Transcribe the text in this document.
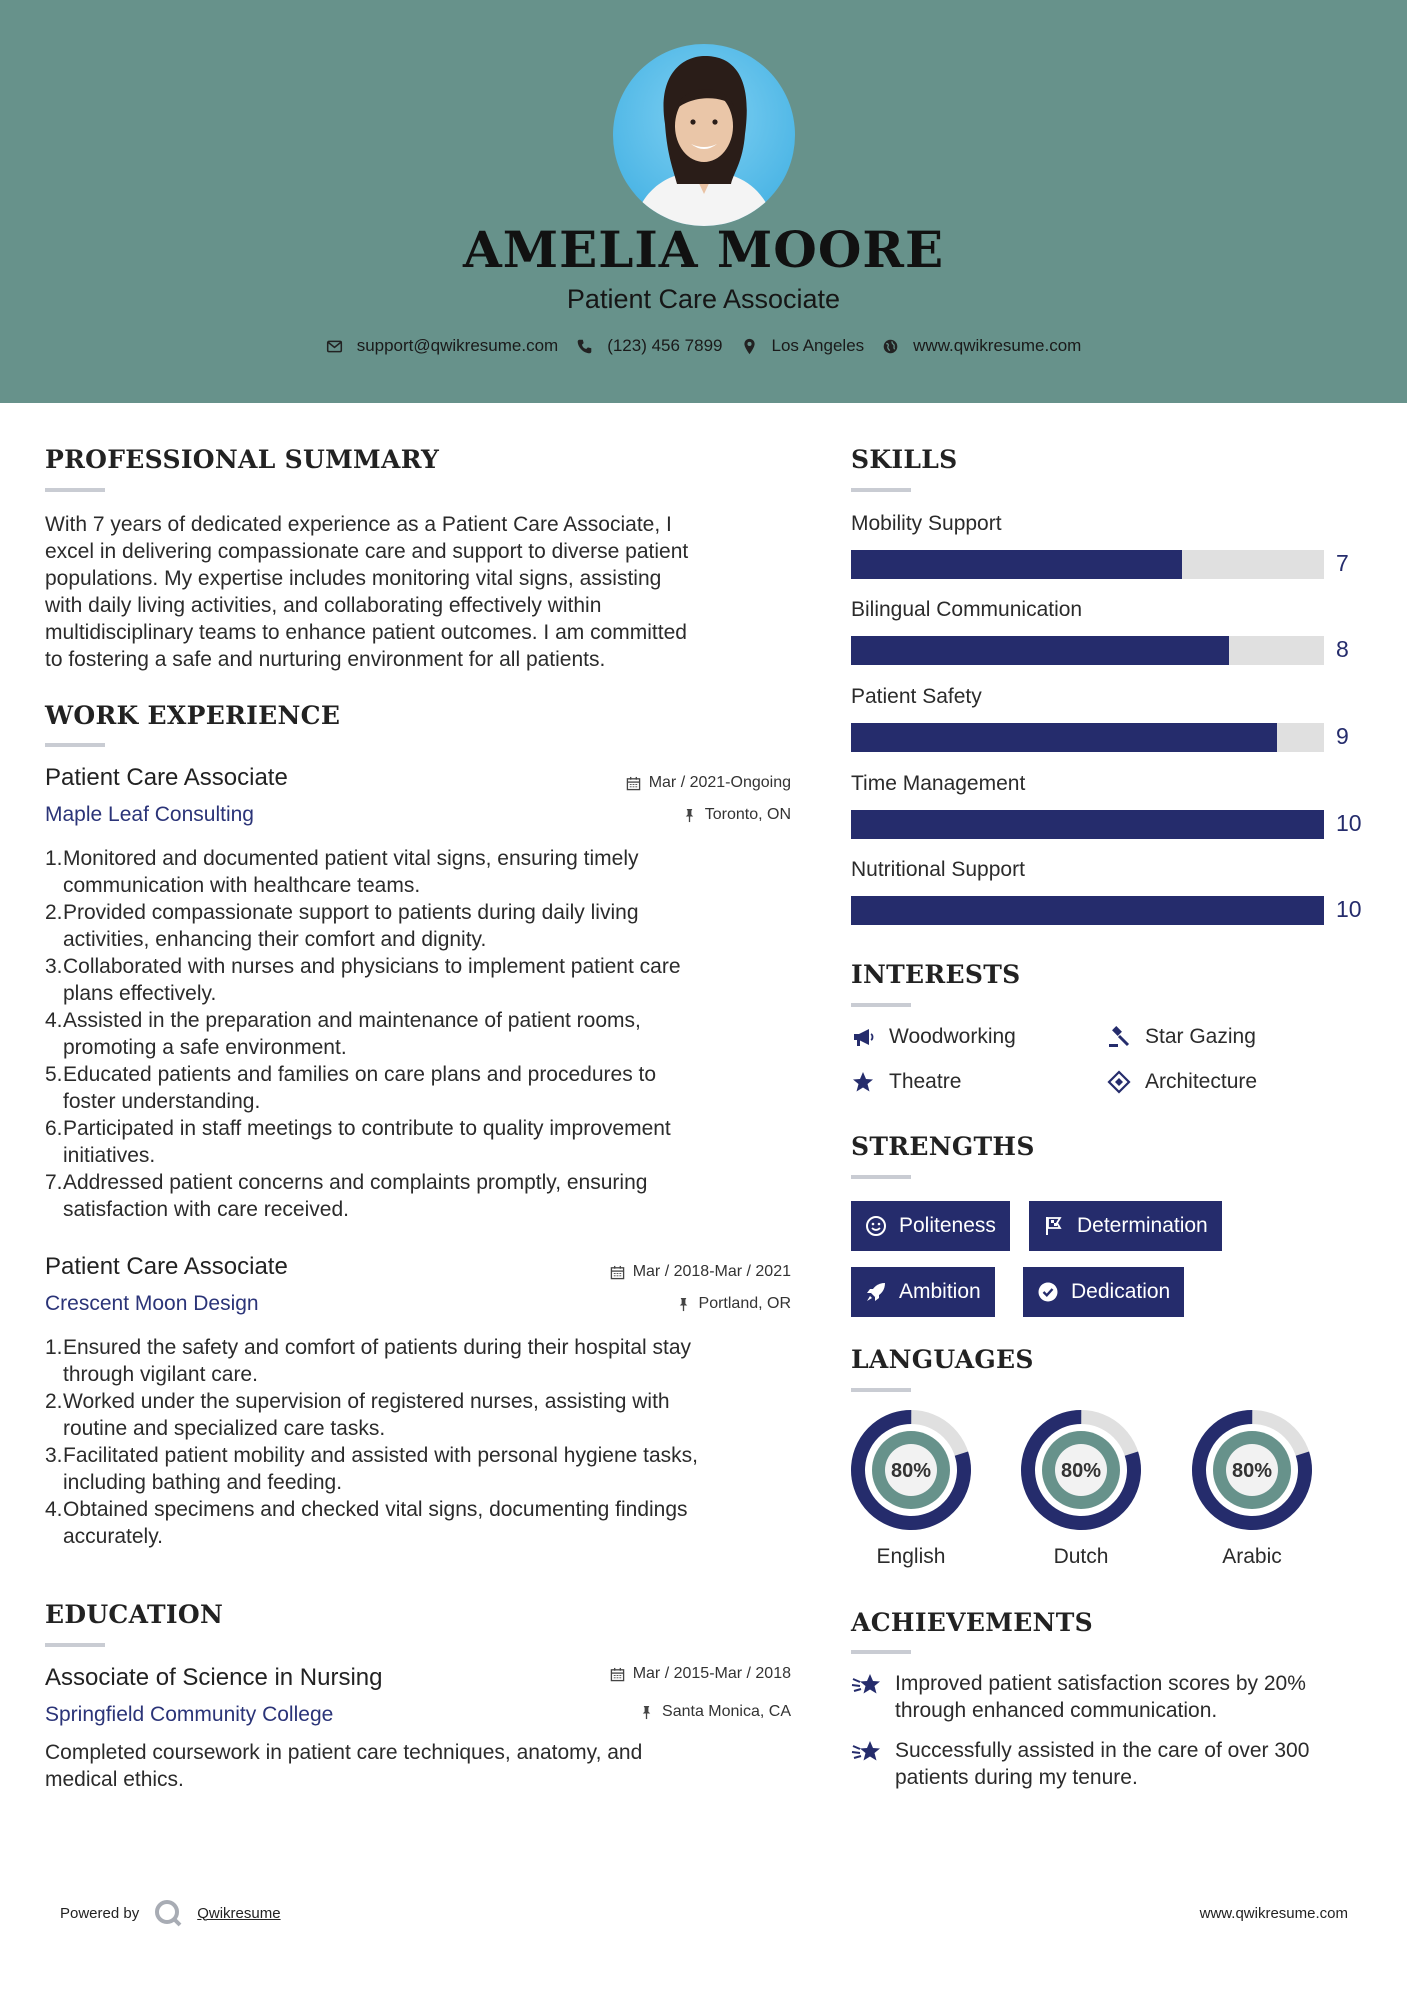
AMELIA MOORE
Patient Care Associate
support@qwikresume.com	(123) 456 7899	Los Angeles	www.qwikresume.com
PROFESSIONAL SUMMARY
With 7 years of dedicated experience as a Patient Care Associate, I
excel in delivering compassionate care and support to diverse patient
populations. My expertise includes monitoring vital signs, assisting
with daily living activities, and collaborating effectively within
multidisciplinary teams to enhance patient outcomes. I am committed
to fostering a safe and nurturing environment for all patients.
WORK EXPERIENCE
Patient Care Associate
Maple Leaf Consulting
Mar / 2021-Ongoing
Toronto, ON
1. Monitored and documented patient vital signs, ensuring timely
communication with healthcare teams.
2. Provided compassionate support to patients during daily living
activities, enhancing their comfort and dignity.
3. Collaborated with nurses and physicians to implement patient care
plans effectively.
4. Assisted in the preparation and maintenance of patient rooms,
promoting a safe environment.
5. Educated patients and families on care plans and procedures to
foster understanding.
6. Participated in staff meetings to contribute to quality improvement
initiatives.
7. Addressed patient concerns and complaints promptly, ensuring
satisfaction with care received.
Patient Care Associate
Crescent Moon Design
Mar / 2018-Mar / 2021
Portland, OR
1. Ensured the safety and comfort of patients during their hospital stay
through vigilant care.
2. Worked under the supervision of registered nurses, assisting with
routine and specialized care tasks.
3. Facilitated patient mobility and assisted with personal hygiene tasks,
including bathing and feeding.
4. Obtained specimens and checked vital signs, documenting findings
accurately.
EDUCATION
Associate of Science in Nursing
Springfield Community College
Mar / 2015-Mar / 2018
Santa Monica, CA
Completed coursework in patient care techniques, anatomy, and
medical ethics.
SKILLS
Mobility Support
7
Bilingual Communication
8
Patient Safety
9
Time Management
10
Nutritional Support
10
INTERESTS
Woodworking	Star Gazing
Theatre	Architecture
STRENGTHS
Politeness	Determination
Ambition	Dedication
LANGUAGES
80%
English
80%
Dutch
80%
Arabic
ACHIEVEMENTS
Improved patient satisfaction scores by 20%
through enhanced communication.
Successfully assisted in the care of over 300
patients during my tenure.
Powered by	Qwikresume	www.qwikresume.com
